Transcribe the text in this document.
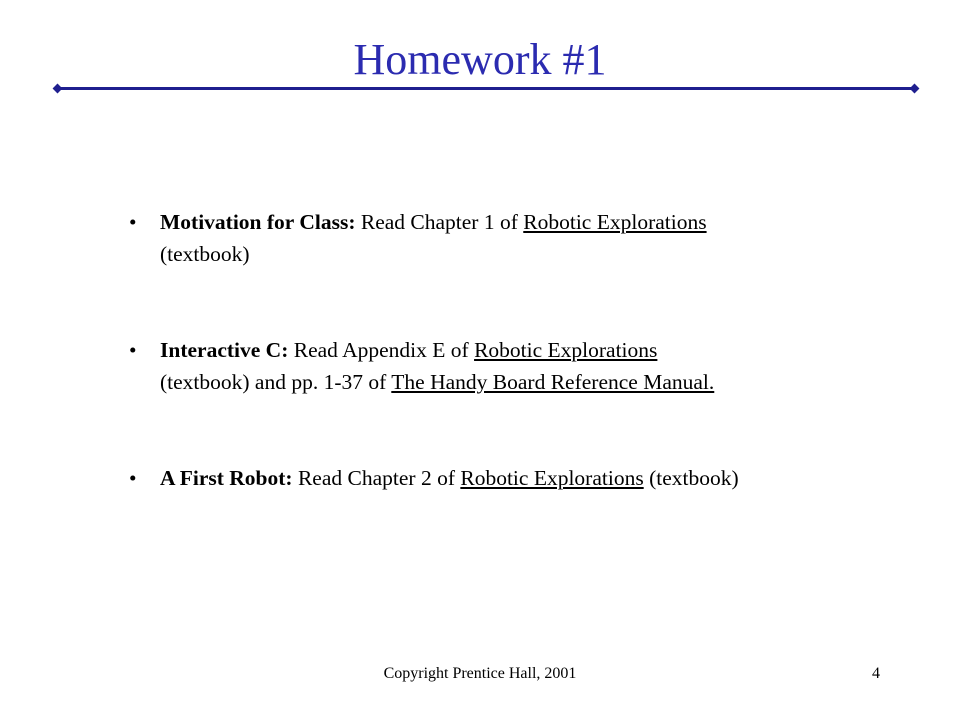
Homework #1
• Motivation for Class: Read Chapter 1 of Robotic Explorations
(textbook)
• Interactive C: Read Appendix E of Robotic Explorations
(textbook) and pp. 1-37 of The Handy Board Reference Manual.
• A First Robot: Read Chapter 2 of Robotic Explorations (textbook)
Copyright Prentice Hall, 2001	4
